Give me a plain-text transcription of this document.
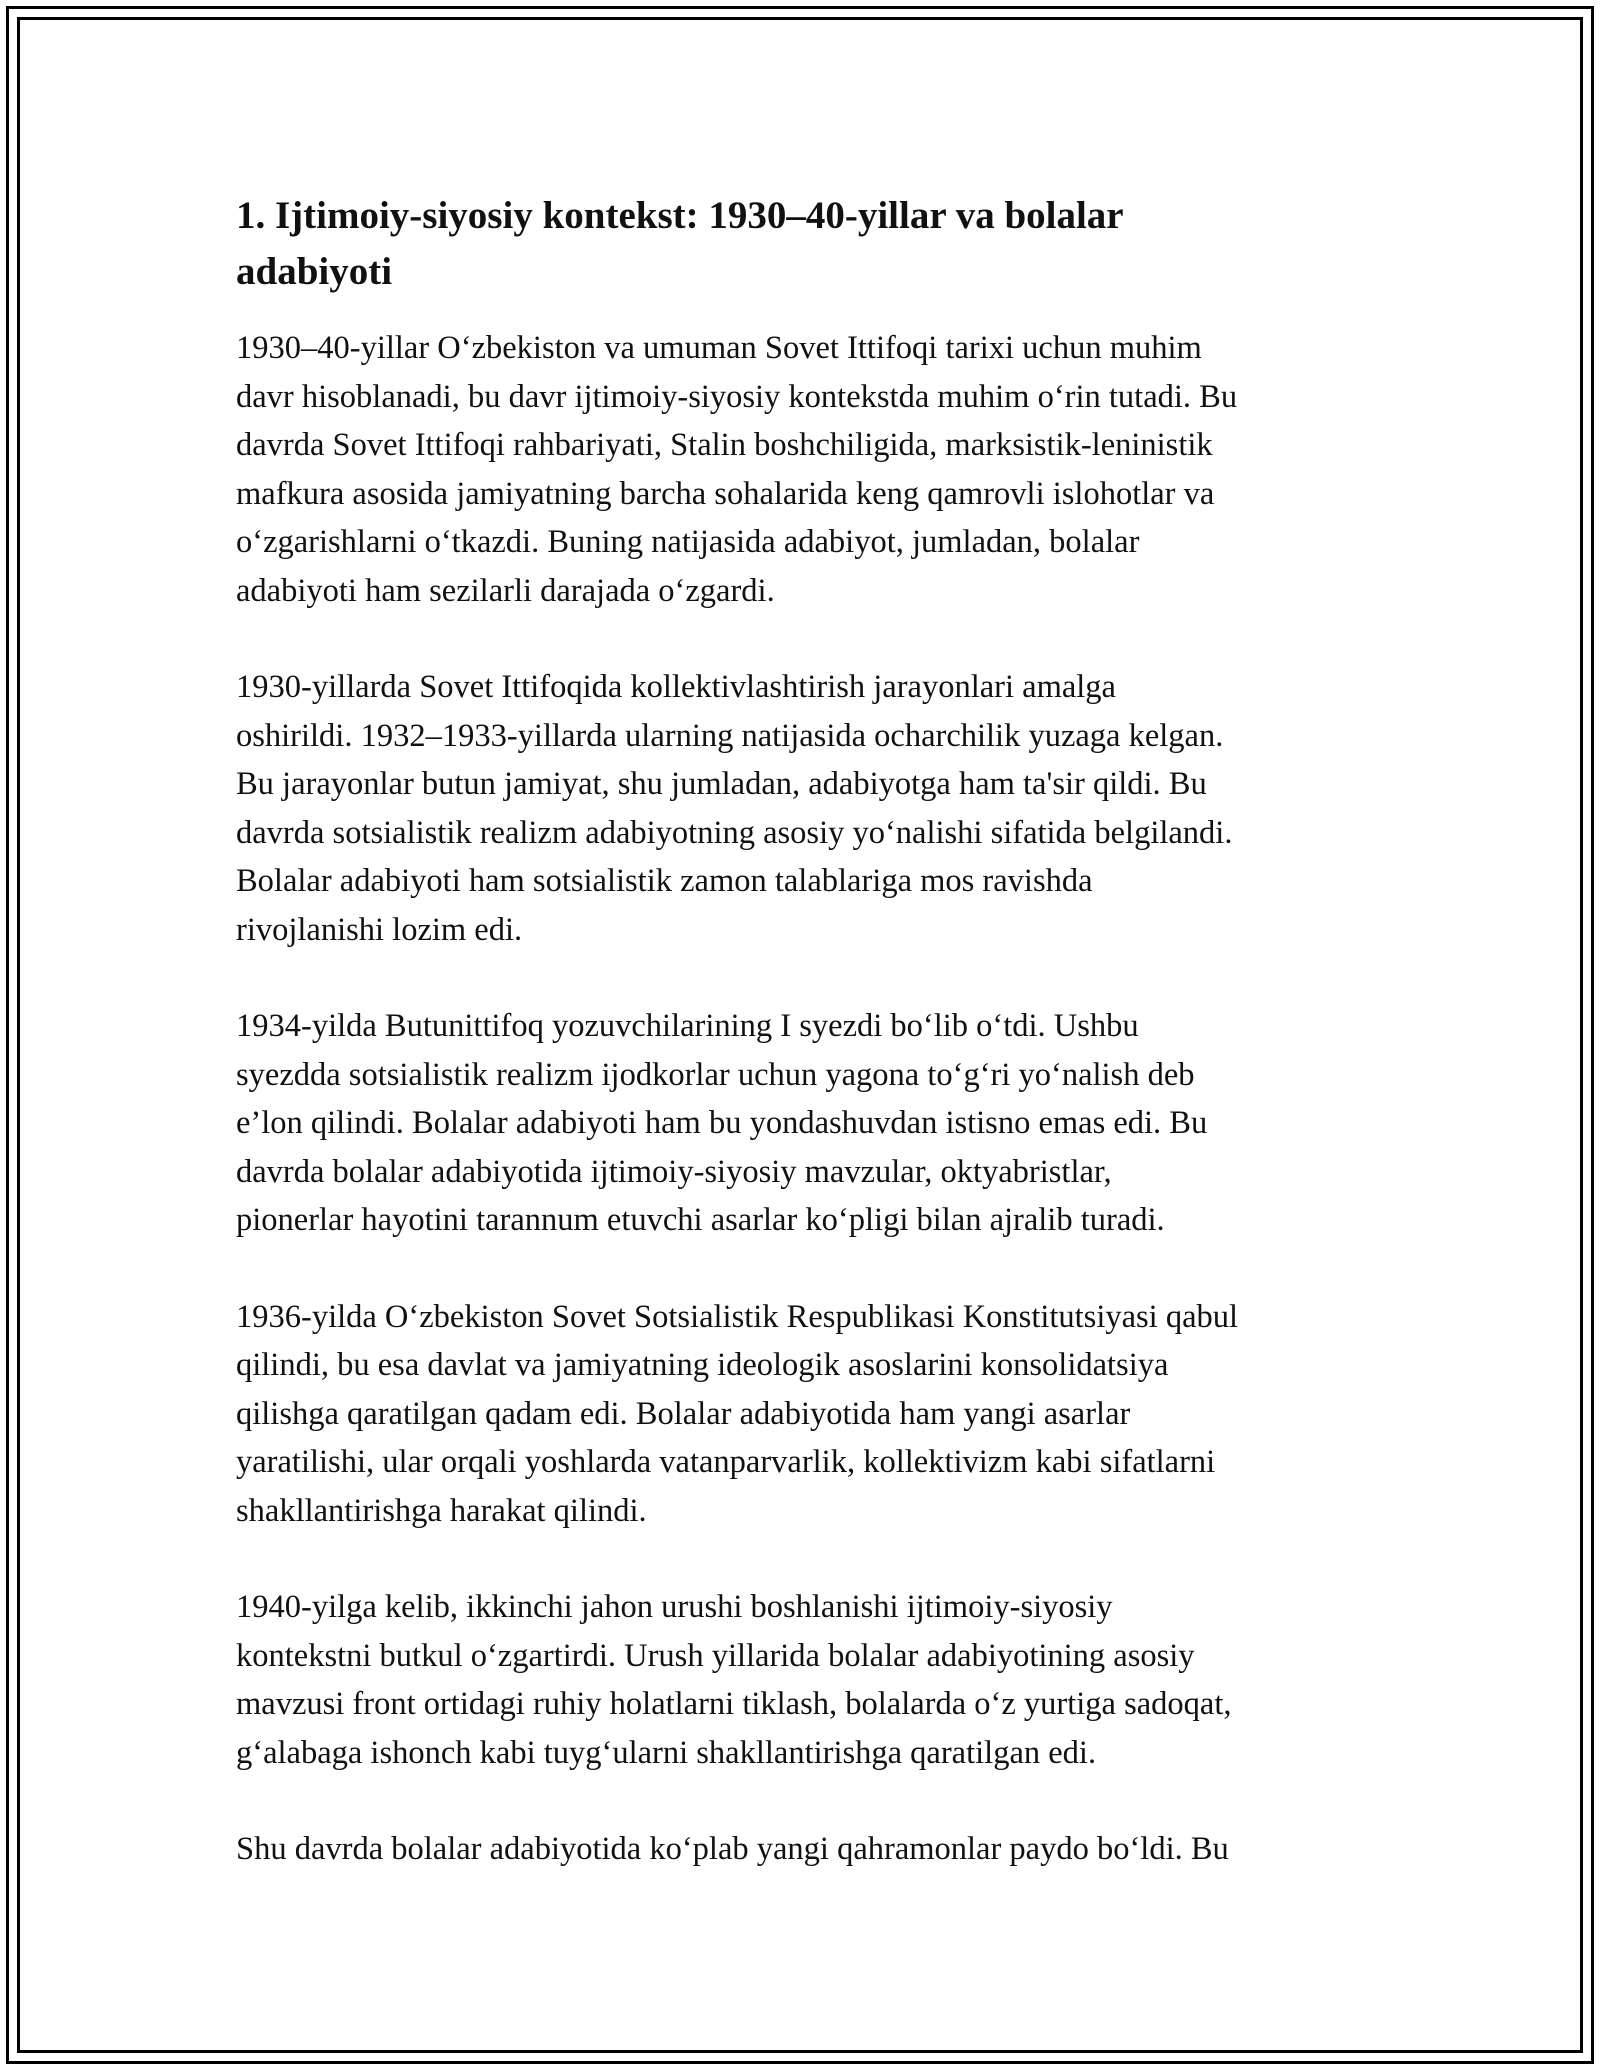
1. Ijtimoiy-siyosiy kontekst: 1930–40-yillar va bolalar
adabiyoti

1930–40-yillar O‘zbekiston va umuman Sovet Ittifoqi tarixi uchun muhim
davr hisoblanadi, bu davr ijtimoiy-siyosiy kontekstda muhim o‘rin tutadi. Bu
davrda Sovet Ittifoqi rahbariyati, Stalin boshchiligida, marksistik-leninistik
mafkura asosida jamiyatning barcha sohalarida keng qamrovli islohotlar va
o‘zgarishlarni o‘tkazdi. Buning natijasida adabiyot, jumladan, bolalar
adabiyoti ham sezilarli darajada o‘zgardi.

1930-yillarda Sovet Ittifoqida kollektivlashtirish jarayonlari amalga
oshirildi. 1932–1933-yillarda ularning natijasida ocharchilik yuzaga kelgan.
Bu jarayonlar butun jamiyat, shu jumladan, adabiyotga ham ta'sir qildi. Bu
davrda sotsialistik realizm adabiyotning asosiy yo‘nalishi sifatida belgilandi.
Bolalar adabiyoti ham sotsialistik zamon talablariga mos ravishda
rivojlanishi lozim edi.

1934-yilda Butunittifoq yozuvchilarining I syezdi bo‘lib o‘tdi. Ushbu
syezdda sotsialistik realizm ijodkorlar uchun yagona to‘g‘ri yo‘nalish deb
e’lon qilindi. Bolalar adabiyoti ham bu yondashuvdan istisno emas edi. Bu
davrda bolalar adabiyotida ijtimoiy-siyosiy mavzular, oktyabristlar,
pionerlar hayotini tarannum etuvchi asarlar ko‘pligi bilan ajralib turadi.

1936-yilda O‘zbekiston Sovet Sotsialistik Respublikasi Konstitutsiyasi qabul
qilindi, bu esa davlat va jamiyatning ideologik asoslarini konsolidatsiya
qilishga qaratilgan qadam edi. Bolalar adabiyotida ham yangi asarlar
yaratilishi, ular orqali yoshlarda vatanparvarlik, kollektivizm kabi sifatlarni
shakllantirishga harakat qilindi.

1940-yilga kelib, ikkinchi jahon urushi boshlanishi ijtimoiy-siyosiy
kontekstni butkul o‘zgartirdi. Urush yillarida bolalar adabiyotining asosiy
mavzusi front ortidagi ruhiy holatlarni tiklash, bolalarda o‘z yurtiga sadoqat,
g‘alabaga ishonch kabi tuyg‘ularni shakllantirishga qaratilgan edi.

Shu davrda bolalar adabiyotida ko‘plab yangi qahramonlar paydo bo‘ldi. Bu
